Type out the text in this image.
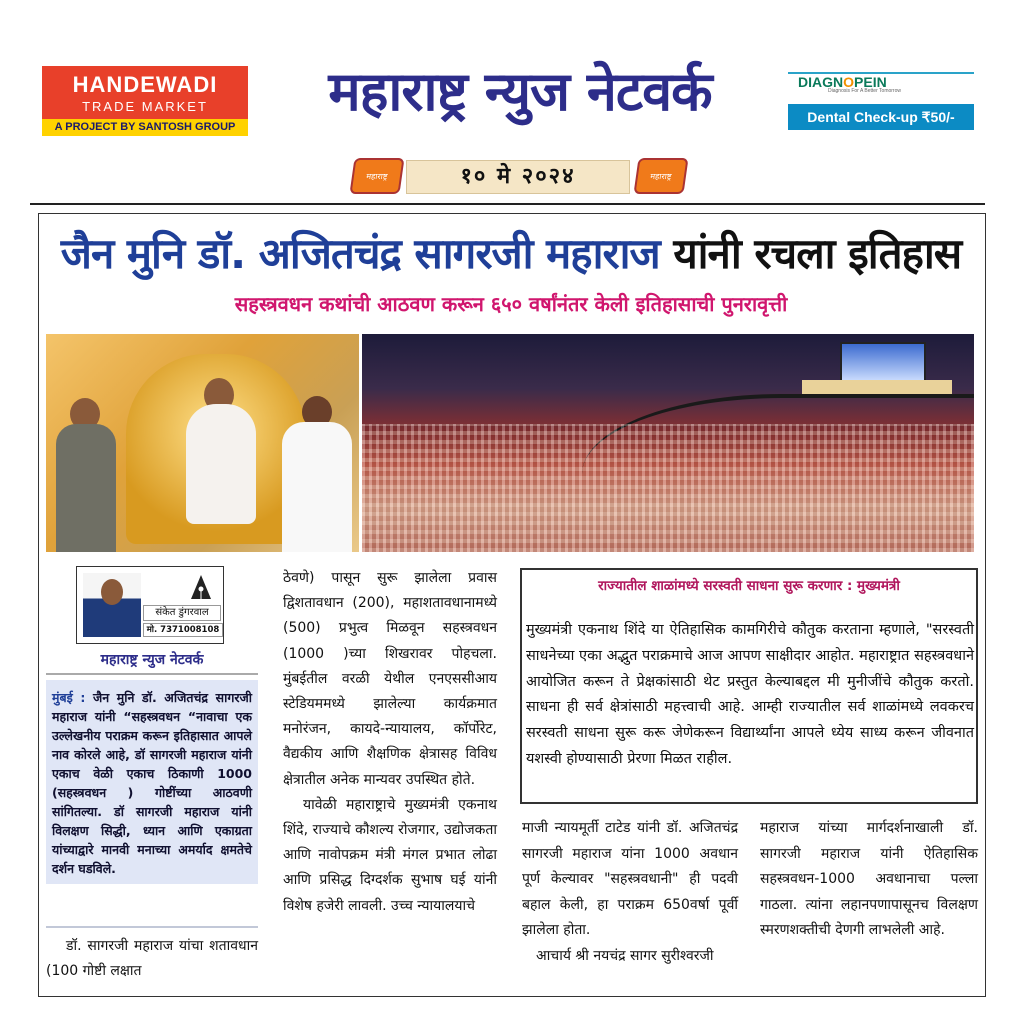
HANDEWADI
TRADE MARKET
A PROJECT BY SANTOSH GROUP
महाराष्ट्र न्युज नेटवर्क	DIAGNOPEIN
Diagnosis For A Better Tomorrow
Dental Check-up ₹50/-
महाराष्ट्र	१० मे २०२४	महाराष्ट्र
जैन मुनि डॉ. अजितचंद्र सागरजी महाराज यांनी रचला इतिहास
सहस्त्रवधन कथांची आठवण करून ६५० वर्षांनंतर केली इतिहासाची पुनरावृत्ती
संकेत डुंगरवाल
मो. 7371008108
महाराष्ट्र न्युज नेटवर्क
मुंबई : जैन मुनि डॉ. अजितचंद्र सागरजी महाराज यांनी “सहस्त्रवधन “नावाचा एक उल्लेखनीय पराक्रम करून इतिहासात आपले नाव कोरले आहे, डॉ सागरजी महाराज यांनी एकाच वेळी एकाच ठिकाणी 1000 (सहस्त्रवधन ) गोष्टींच्या आठवणी सांगितल्या. डॉ सागरजी महाराज यांनी विलक्षण सिद्धी, ध्यान आणि एकाग्रता यांच्याद्वारे मानवी मनाच्या अमर्याद क्षमतेचे दर्शन घडविले.
डॉ. सागरजी महाराज यांचा शतावधान (100 गोष्टी लक्षात

ठेवणे) पासून सुरू झालेला प्रवास द्विशतावधान (200), महाशतावधानामध्ये (500) प्रभुत्व मिळवून सहस्त्रवधन (1000 )च्या शिखरावर पोहचला. मुंबईतील वरळी येथील एनएससीआय स्टेडियममध्ये झालेल्या कार्यक्रमात मनोरंजन, कायदे-न्यायालय, कॉर्पोरेट, वैद्यकीय आणि शैक्षणिक क्षेत्रासह विविध क्षेत्रातील अनेक मान्यवर उपस्थित होते.

यावेळी महाराष्ट्राचे मुख्यमंत्री एकनाथ शिंदे, राज्याचे कौशल्य रोजगार, उद्योजकता आणि नावोपक्रम मंत्री मंगल प्रभात लोढा आणि प्रसिद्ध दिग्दर्शक सुभाष घई यांनी विशेष हजेरी लावली. उच्च न्यायालयाचे

राज्यातील शाळांमध्ये सरस्वती साधना सुरू करणार : मुख्यमंत्री
मुख्यमंत्री एकनाथ शिंदे या ऐतिहासिक कामगिरीचे कौतुक करताना म्हणाले, "सरस्वती साधनेच्या एका अद्भुत पराक्रमाचे आज आपण साक्षीदार आहोत. महाराष्ट्रात सहस्त्रवधाने आयोजित करून ते प्रेक्षकांसाठी थेट प्रस्तुत केल्याबद्दल मी मुनीजींचे कौतुक करतो. साधना ही सर्व क्षेत्रांसाठी महत्त्वाची आहे. आम्ही राज्यातील सर्व शाळांमध्ये लवकरच सरस्वती साधना सुरू करू जेणेकरून विद्यार्थ्यांना आपले ध्येय साध्य करून जीवनात यशस्वी होण्यासाठी प्रेरणा मिळत राहील.

माजी न्यायमूर्ती टाटेड यांनी डॉ. अजितचंद्र सागरजी महाराज यांना 1000 अवधान पूर्ण केल्यावर "सहस्त्रवधानी" ही पदवी बहाल केली, हा पराक्रम 650वर्षा पूर्वी झालेला होता.

आचार्य श्री नयचंद्र सागर सुरीश्वरजी

महाराज यांच्या मार्गदर्शनाखाली डॉ. सागरजी महाराज यांनी ऐतिहासिक सहस्त्रवधन-1000 अवधानाचा पल्ला गाठला. त्यांना लहानपणापासूनच विलक्षण स्मरणशक्तीची देणगी लाभलेली आहे.
